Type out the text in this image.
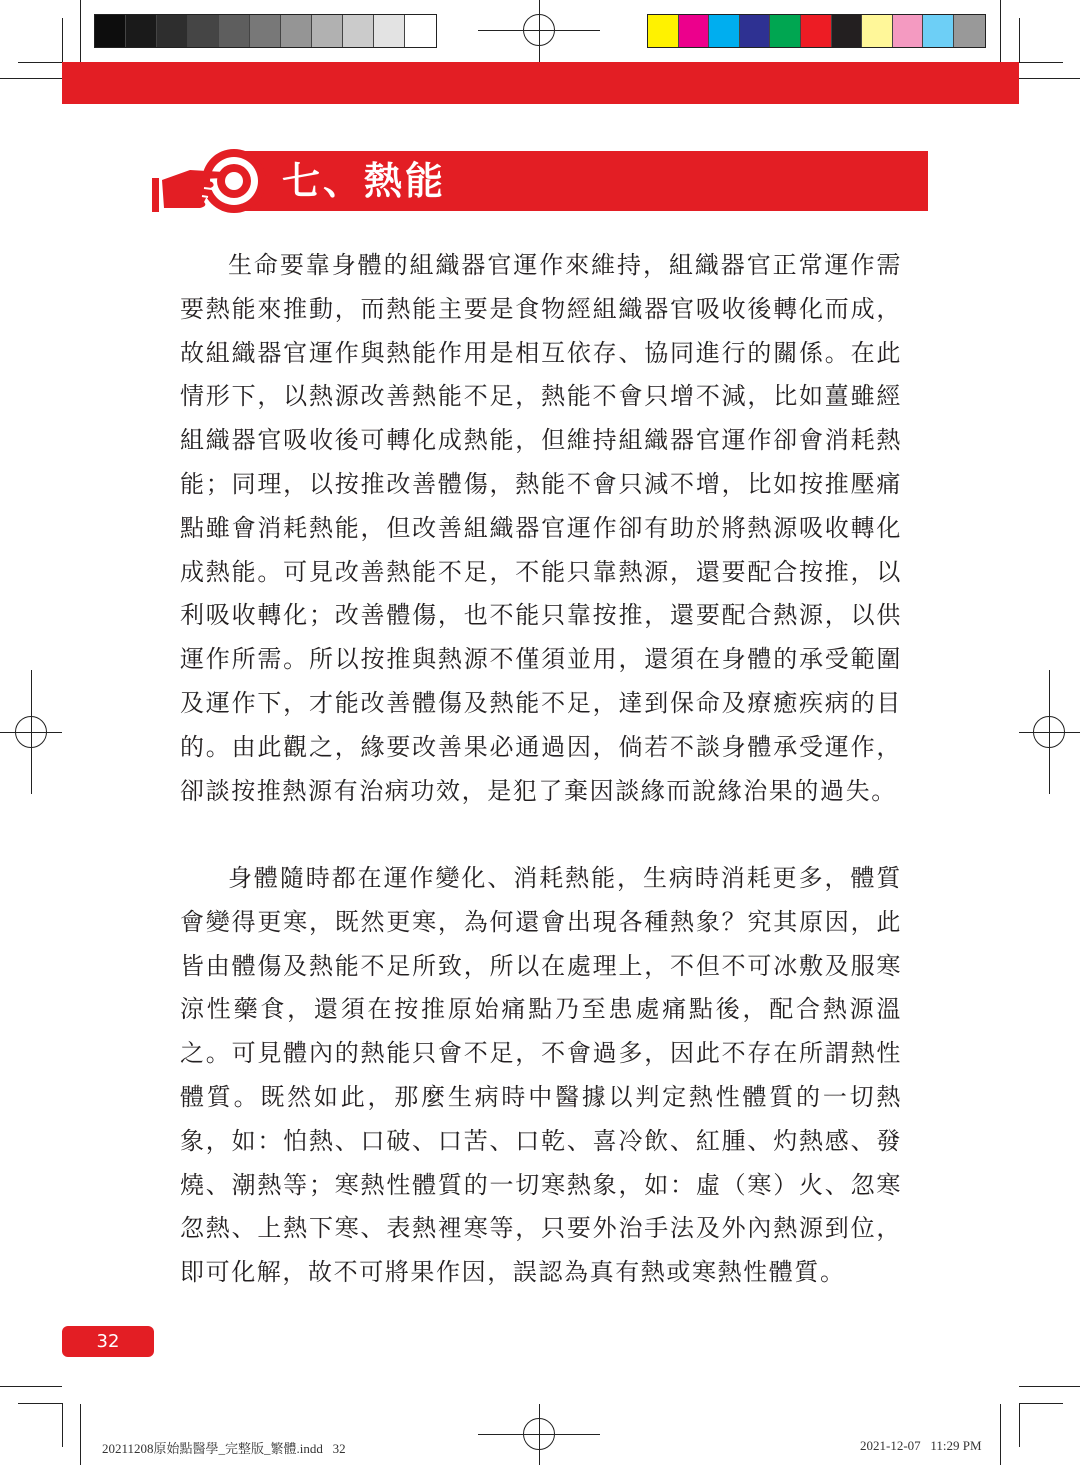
七、熱能

生命要靠身體的組織器官運作來維持，組織器官正常運作需要熱能來推動，而熱能主要是食物經組織器官吸收後轉化而成，故組織器官運作與熱能作用是相互依存、協同進行的關係。在此情形下，以熱源改善熱能不足，熱能不會只增不減，比如薑雖經組織器官吸收後可轉化成熱能，但維持組織器官運作卻會消耗熱能；同理，以按推改善體傷，熱能不會只減不增，比如按推壓痛點雖會消耗熱能，但改善組織器官運作卻有助於將熱源吸收轉化成熱能。可見改善熱能不足，不能只靠熱源，還要配合按推，以利吸收轉化；改善體傷，也不能只靠按推，還要配合熱源，以供運作所需。所以按推與熱源不僅須並用，還須在身體的承受範圍及運作下，才能改善體傷及熱能不足，達到保命及療癒疾病的目的。由此觀之，緣要改善果必通過因，倘若不談身體承受運作，卻談按推熱源有治病功效，是犯了棄因談緣而說緣治果的過失。

身體隨時都在運作變化、消耗熱能，生病時消耗更多，體質會變得更寒，既然更寒，為何還會出現各種熱象？究其原因，此皆由體傷及熱能不足所致，所以在處理上，不但不可冰敷及服寒涼性藥食，還須在按推原始痛點乃至患處痛點後，配合熱源溫之。可見體內的熱能只會不足，不會過多，因此不存在所謂熱性體質。既然如此，那麼生病時中醫據以判定熱性體質的一切熱象，如：怕熱、口破、口苦、口乾、喜冷飲、紅腫、灼熱感、發燒、潮熱等；寒熱性體質的一切寒熱象，如：虛（寒）火、忽寒忽熱、上熱下寒、表熱裡寒等，只要外治手法及外內熱源到位，即可化解，故不可將果作因，誤認為真有熱或寒熱性體質。

32
20211208原始點醫學_完整版_繁體.indd   32	2021-12-07   11:29 PM
